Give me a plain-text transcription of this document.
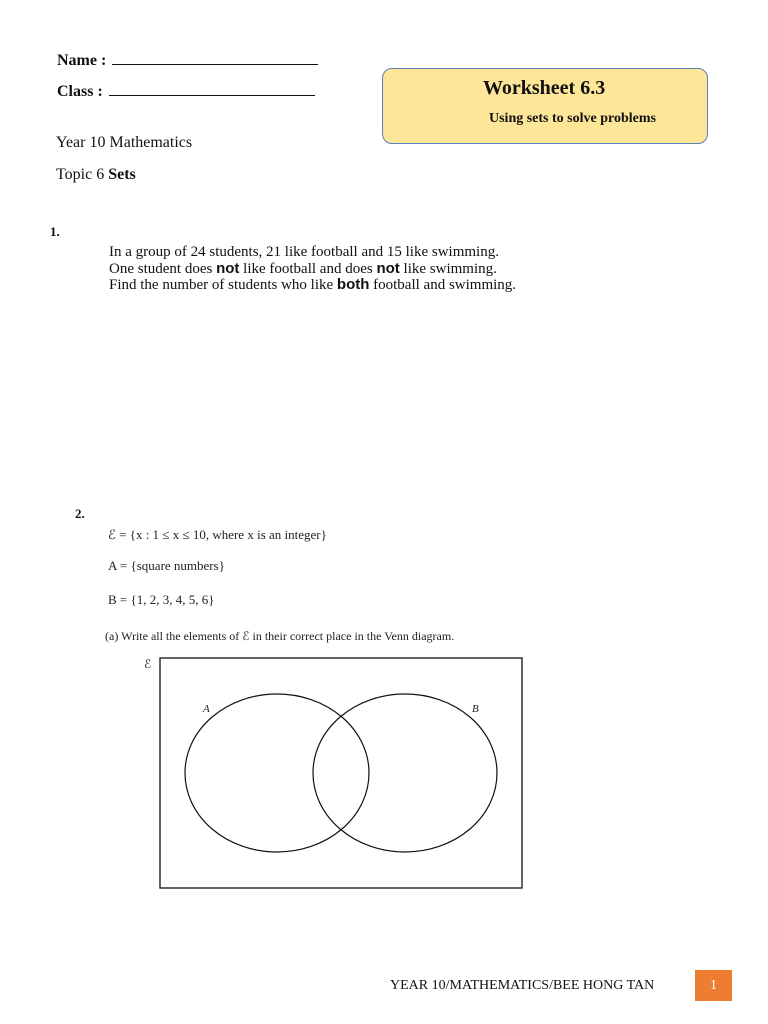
Name :
Class :
Year 10 Mathematics
Topic 6 Sets
Worksheet 6.3
Using sets to solve problems
1.
In a group of 24 students, 21 like football and 15 like swimming.
One student does not like football and does not like swimming.
Find the number of students who like both football and swimming.
2.
ℰ = {x : 1 ≤ x ≤ 10, where x is an integer}
A = {square numbers}
B = {1, 2, 3, 4, 5, 6}
(a) Write all the elements of ℰ in their correct place in the Venn diagram.
ℰ
A	B
YEAR 10/MATHEMATICS/BEE HONG TAN	1
